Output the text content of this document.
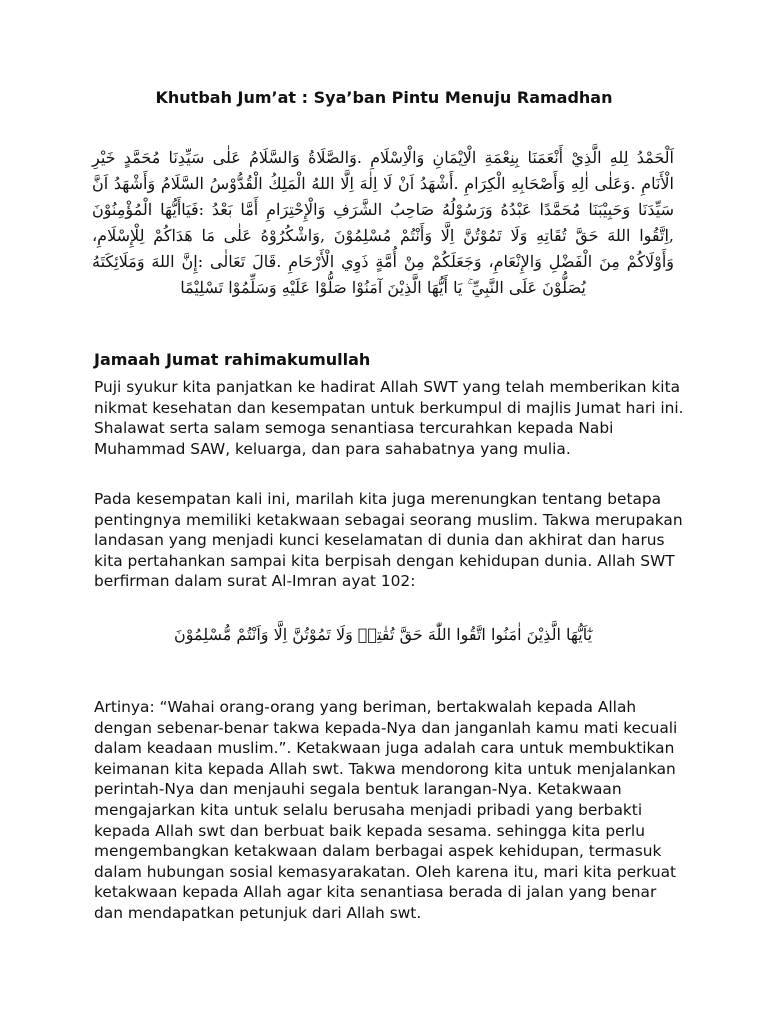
Khutbah Jum’at : Sya’ban Pintu Menuju Ramadhan
اَلْحَمْدُ لِلهِ الَّذِيْ أَنْعَمَنَا بِنِعْمَةِ الْاِيْمَانِ وَالْاِسْلَامِ .وَالصَّلَاةُ وَالسَّلَامُ عَلٰى سَيِّدِنَا مُحَمَّدٍ خَيْرِ الْأَنَامِ .وَعَلٰى اٰلِهِ وَأَصْحَابِهِ الْكِرَامِ .أَشْهَدُ اَنْ لَا اِلٰهَ اِلَّا اللهُ الْمَلِكُ الْقُدُّوْسُ السَّلَامُ وَأَشْهَدُ اَنَّ سَيِّدَنَا وَحَبِيْبَنَا مُحَمَّدًا عَبْدُهُ وَرَسُوْلُهُ صَاحِبُ الشَّرَفِ وَالْإِحْتِرَامِ أَمَّا بَعْدُ :فَيَاأَيُّهَا الْمُؤْمِنُوْنَ ,اِتَّقُوا اللهَ حَقَّ تُقَاتِهِ وَلَا تَمُوْتُنَّ اِلَّا وَأَنْتُمْ مُسْلِمُوْنَ ,وَاشْكُرُوْهُ عَلٰى مَا هَدَاكُمْ لِلْإِسْلَامِ، وَأَوْلَاكُمْ مِنَ الْفَضْلِ وَالإِنْعَامِ، وَجَعَلَكُمْ مِنْ أُمَّةٍ ذَوِي الْأَرْحَامِ .قَالَ تَعَالٰى :إِنَّ اللهَ وَمَلَائِكَتَهُ يُصَلُّوْنَ عَلَى النَّبِيِّ ۚ يَا أَيُّهَا الَّذِيْنَ آمَنُوْا صَلُّوْا عَلَيْهِ وَسَلِّمُوْا تَسْلِيْمًا
Jamaah Jumat rahimakumullah

Puji syukur kita panjatkan ke hadirat Allah SWT yang telah memberikan kita nikmat kesehatan dan kesempatan untuk berkumpul di majlis Jumat hari ini. Shalawat serta salam semoga senantiasa tercurahkan kepada Nabi Muhammad SAW, keluarga, dan para sahabatnya yang mulia.

Pada kesempatan kali ini, marilah kita juga merenungkan tentang betapa pentingnya memiliki ketakwaan sebagai seorang muslim. Takwa merupakan landasan yang menjadi kunci keselamatan di dunia dan akhirat dan harus kita pertahankan sampai kita berpisah dengan kehidupan dunia. Allah SWT berfirman dalam surat Al-Imran ayat 102:

يٰٓاَيُّهَا الَّذِيْنَ اٰمَنُوا اتَّقُوا اللّٰهَ حَقَّ تُقٰتِهٖ وَلَا تَمُوْتُنَّ اِلَّا وَاَنْتُمْ مُّسْلِمُوْنَ

Artinya: “Wahai orang-orang yang beriman, bertakwalah kepada Allah dengan sebenar-benar takwa kepada-Nya dan janganlah kamu mati kecuali dalam keadaan muslim.”. Ketakwaan juga adalah cara untuk membuktikan keimanan kita kepada Allah swt. Takwa mendorong kita untuk menjalankan perintah-Nya dan menjauhi segala bentuk larangan-Nya. Ketakwaan mengajarkan kita untuk selalu berusaha menjadi pribadi yang berbakti kepada Allah swt dan berbuat baik kepada sesama. sehingga kita perlu mengembangkan ketakwaan dalam berbagai aspek kehidupan, termasuk dalam hubungan sosial kemasyarakatan. Oleh karena itu, mari kita perkuat ketakwaan kepada Allah agar kita senantiasa berada di jalan yang benar dan mendapatkan petunjuk dari Allah swt.
